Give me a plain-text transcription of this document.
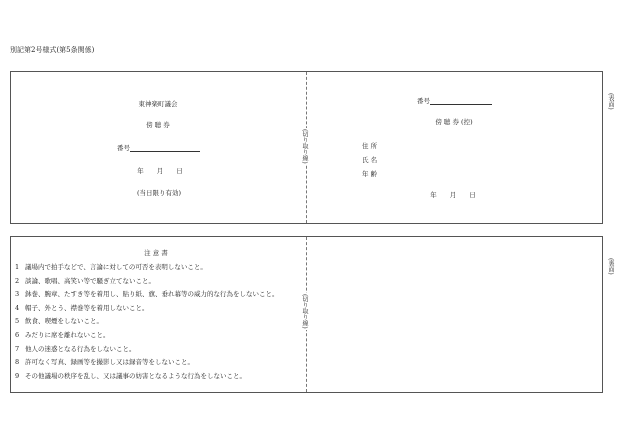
別記第2号様式(第5条関係)
(切り取り線)
(表面)
東神楽町議会
傍 聴 券
番号
年　　月　　日
(当日限り有効)
番号
傍 聴 券 (控)
住 所
氏 名
年 齢
年　　月　　日
(切り取り線)
(裏面)
注 意 書
1 議場内で拍手などで、言論に対しての可否を表明しないこと。
2 談論、歌唱、高笑い等で騒ぎ立てないこと。
3 鉢巻、腕章、たすき等を着用し、貼り紙、旗、垂れ幕等の威力的な行為をしないこと。
4 帽子、外とう、襟巻等を着用しないこと。
5 飲食、喫煙をしないこと。
6 みだりに席を離れないこと。
7 他人の迷惑となる行為をしないこと。
8 許可なく写真、録画等を撮影し又は録音等をしないこと。
9 その他議場の秩序を乱し、又は議事の妨害となるような行為をしないこと。
